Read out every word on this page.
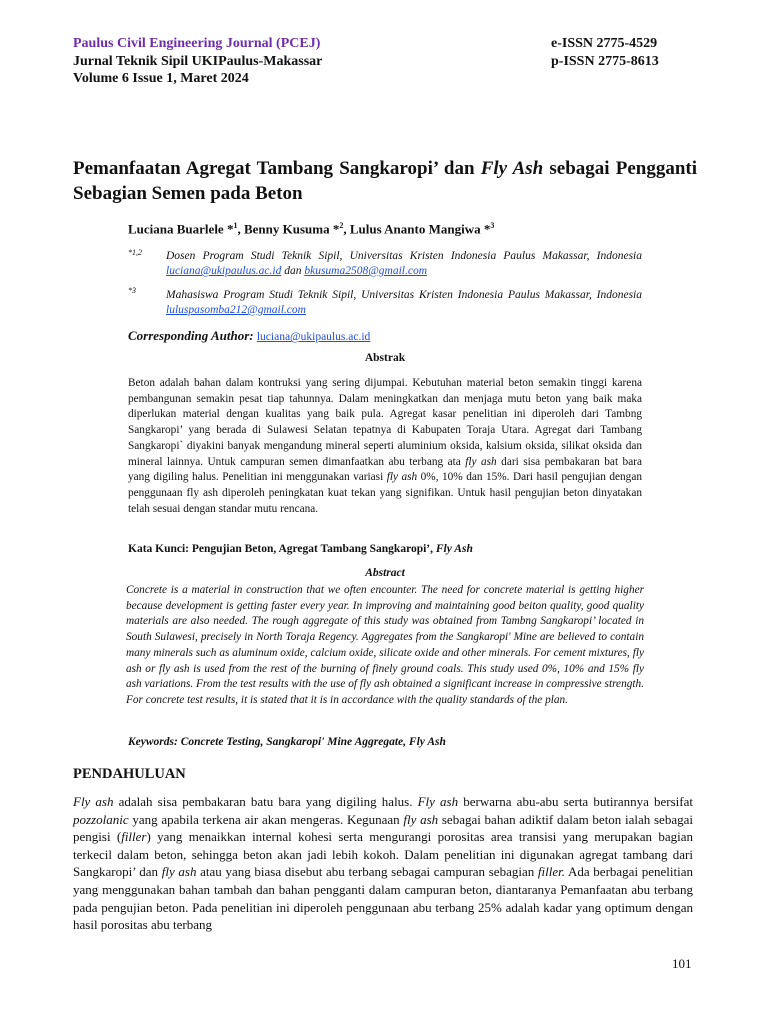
Paulus Civil Engineering Journal (PCEJ)
Jurnal Teknik Sipil UKIPaulus-Makassar
Volume 6 Issue 1, Maret 2024
e-ISSN 2775-4529
p-ISSN 2775-8613
Pemanfaatan Agregat Tambang Sangkaropi’ dan Fly Ash sebagai Pengganti Sebagian Semen pada Beton
Luciana Buarlele *$^1$, Benny Kusuma *$^2$, Lulus Ananto Mangiwa *$^3$
*1,2 Dosen Program Studi Teknik Sipil, Universitas Kristen Indonesia Paulus Makassar, Indonesia luciana@ukipaulus.ac.id dan bkusuma2508@gmail.com
*3	Mahasiswa Program Studi Teknik Sipil, Universitas Kristen Indonesia Paulus Makassar, Indonesia luluspasomba212@gmail.com
Corresponding Author: luciana@ukipaulus.ac.id
Abstrak
Beton adalah bahan dalam kontruksi yang sering dijumpai. Kebutuhan material beton semakin tinggi karena pembangunan semakin pesat tiap tahunnya. Dalam meningkatkan dan menjaga mutu beton yang baik maka diperlukan material dengan kualitas yang baik pula. Agregat kasar penelitian ini diperoleh dari Tambng Sangkaropi’ yang berada di Sulawesi Selatan tepatnya di Kabupaten Toraja Utara. Agregat dari Tambang Sangkaropi` diyakini banyak mengandung mineral seperti aluminium oksida, kalsium oksida, silikat oksida dan mineral lainnya. Untuk campuran semen dimanfaatkan abu terbang ata fly ash dari sisa pembakaran bat bara yang digiling halus. Penelitian ini menggunakan variasi fly ash 0%, 10% dan 15%. Dari hasil pengujian dengan penggunaan fly ash diperoleh peningkatan kuat tekan yang signifikan. Untuk hasil pengujian beton dinyatakan telah sesuai dengan standar mutu rencana.
Kata Kunci: Pengujian Beton, Agregat Tambang Sangkaropi’, Fly Ash
Abstract
Concrete is a material in construction that we often encounter. The need for concrete material is getting higher because development is getting faster every year. In improving and maintaining good beiton quality, good quality materials are also needed. The rough aggregate of this study was obtained from Tambng Sangkaropi’ located in South Sulawesi, precisely in North Toraja Regency. Aggregates from the Sangkaropi' Mine are believed to contain many minerals such as aluminum oxide, calcium oxide, silicate oxide and other minerals. For cement mixtures, fly ash or fly ash is used from the rest of the burning of finely ground coals. This study used 0%, 10% and 15% fly ash variations. From the test results with the use of fly ash obtained a significant increase in compressive strength. For concrete test results, it is stated that it is in accordance with the quality standards of the plan.
Keywords: Concrete Testing, Sangkaropi' Mine Aggregate, Fly Ash
PENDAHULUAN
Fly ash adalah sisa pembakaran batu bara yang digiling halus. Fly ash berwarna abu-abu serta butirannya bersifat pozzolanic yang apabila terkena air akan mengeras. Kegunaan fly ash sebagai bahan adiktif dalam beton ialah sebagai pengisi (filler) yang menaikkan internal kohesi serta mengurangi porositas area transisi yang merupakan bagian terkecil dalam beton, sehingga beton akan jadi lebih kokoh. Dalam penelitian ini digunakan agregat tambang dari Sangkaropi’ dan fly ash atau yang biasa disebut abu terbang sebagai campuran sebagian filler. Ada berbagai penelitian yang menggunakan bahan tambah dan bahan pengganti dalam campuran beton, diantaranya Pemanfaatan abu terbang pada pengujian beton. Pada penelitian ini diperoleh penggunaan abu terbang 25% adalah kadar yang optimum dengan hasil porositas abu terbang
101
